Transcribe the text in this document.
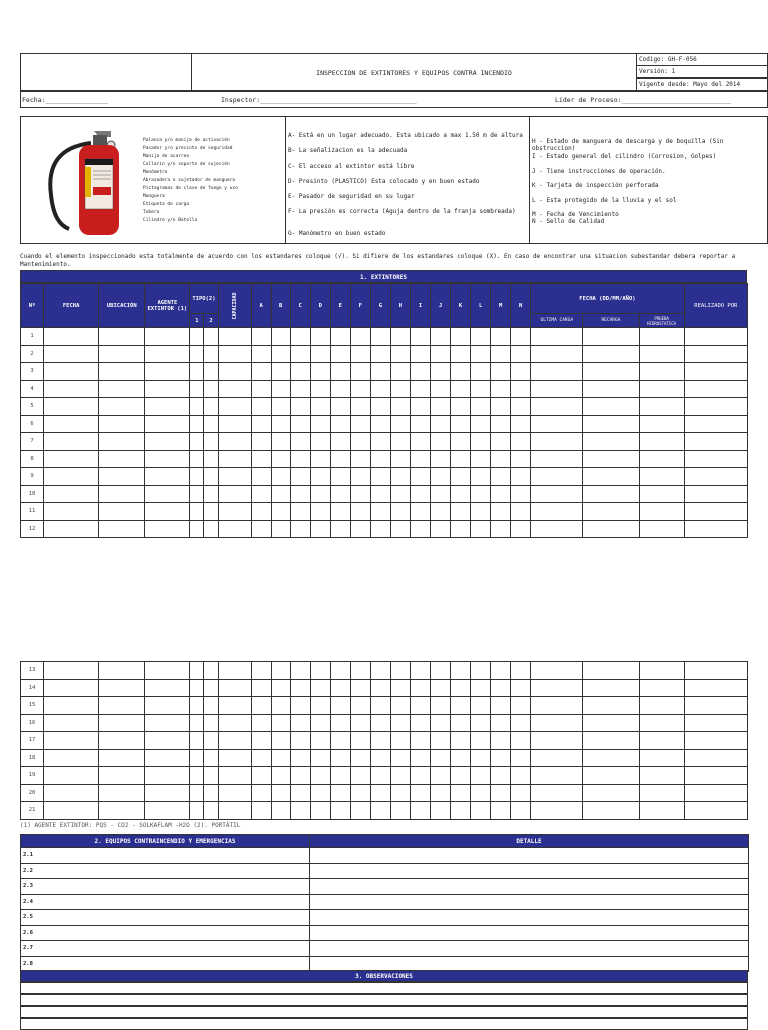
INSPECCION DE EXTINTORES Y EQUIPOS CONTRA INCENDIO
Codigo: GH-F-056
Versión: 1
Vigente desde: Mayo del 2014
Fecha:________________	Inspector:________________________________________	Líder de Proceso:____________________________
Palanca y/o manija de activación
Pasador y/o precinto de seguridad
Manija de acarreo
Collarín y/o soporte de sujeción
Manómetro
Abrazadera o sujetador de manguera
Pictogramas de clase de fuego y uso
Manguera
Etiqueta de carga
Tobera
Cilindro y/o Botella
A- Está en un lugar adecuado. Esta ubicado a max 1.50 m de altura
B- La señalizacion es la adecuada
C- El acceso al extintor está libre
D- Presinto (PLASTICO) Esta colocado y en buen estado
E- Pasador de seguridad en su lugar
F- La presión es correcta (Aguja dentro de la franja sombreada)
G- Manómetro en buen estado
H - Estado de manguera de descarga y de boquilla (Sin obstruccion)
I - Estado general del cilindro (Corrosion, Golpes)
J - Tiene instrucciones de operación.
K - Tarjeta de inspección perforada
L - Esta protegido de la lluvia y el sol
M - Fecha de Vencimiento
N - Sello de Calidad
Cuando el elemento inspeccionado esta totalmente de acuerdo con los estandares coloque (√). Si difiere de los estandares coloque (X). En caso de encontrar una situacion subestandar debera reportar a Mantenimiento.
1. EXTINTORES
Nº	FECHA	UBICACIÓN	AGENTE EXTINTOR (1)	TIPO(2)		CAPACIDAD	A	B	C	D	E	F	G	H	I	J	K	L	M	N	FECHA (DD/MM/AÑO)			REALIZADO POR
				1	2																ULTIMA CARGA	RECARGA	PRUEBA HIDROSTATICA	
1																								
2																								
3																								
4																								
5																								
6																								
7																								
8																								
9																								
10																								
11																								
12																								
13																								
14																								
15																								
16																								
17																								
18																								
19																								
20																								
21																								
(1) AGENTE EXTINTOR: PQS - CO2 - SOLKAFLAM -H2O (2). PORTÁTIL
2. EQUIPOS CONTRAINCENDIO Y EMERGENCIAS	DETALLE
2.1	
2.2	
2.3	
2.4	
2.5	
2.6	
2.7	
2.8	
3. OBSERVACIONES
